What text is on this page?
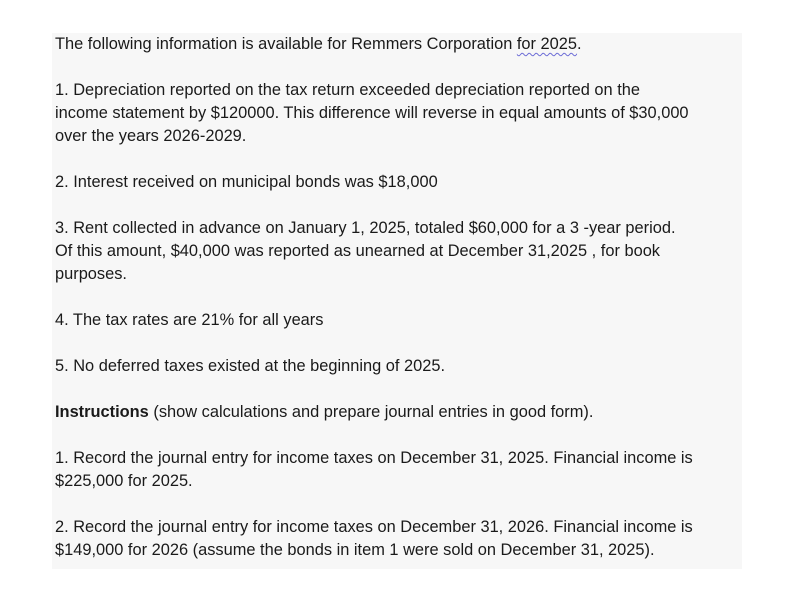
The following information is available for Remmers Corporation for 2025.

1. Depreciation reported on the tax return exceeded depreciation reported on the
income statement by $120000. This difference will reverse in equal amounts of $30,000
over the years 2026-2029.

2. Interest received on municipal bonds was $18,000

3. Rent collected in advance on January 1, 2025, totaled $60,000 for a 3 -year period.
Of this amount, $40,000 was reported as unearned at December 31,2025 , for book
purposes.

4. The tax rates are 21% for all years

5. No deferred taxes existed at the beginning of 2025.

Instructions (show calculations and prepare journal entries in good form).

1. Record the journal entry for income taxes on December 31, 2025. Financial income is
$225,000 for 2025.

2. Record the journal entry for income taxes on December 31, 2026. Financial income is
$149,000 for 2026 (assume the bonds in item 1 were sold on December 31, 2025).
